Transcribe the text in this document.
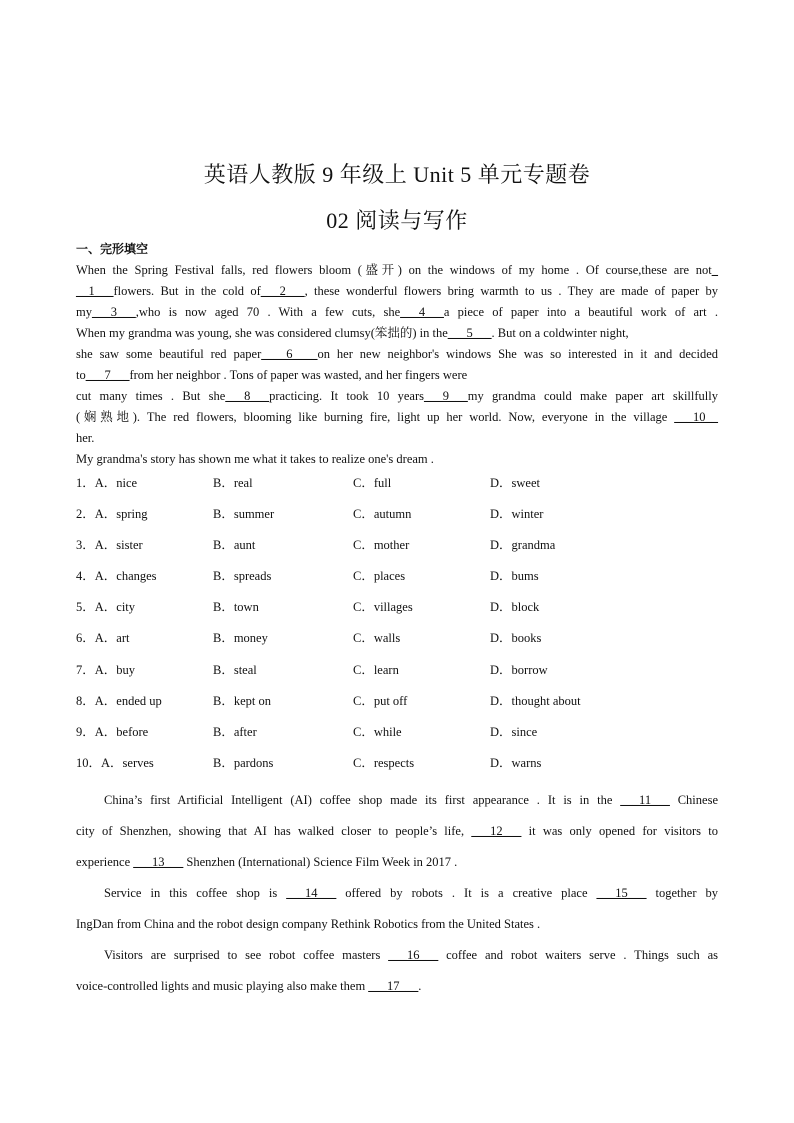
英语人教版 9 年级上 Unit 5 单元专题卷
02 阅读与写作
一、完形填空
When the Spring Festival falls, red flowers bloom (盛开) on the windows of my home . Of course,these are not_
__1___flowers. But in the cold of___2___, these wonderful flowers bring warmth to us . They are made of paper by
my___3___,who is now aged 70 . With a few cuts, she___4___a piece of paper into a beautiful work of art .
When my grandma was young, she was considered clumsy(笨拙的) in the___5___. But on a coldwinter night,
she saw some beautiful red paper____6____on her new neighbor's windows She was so interested in it and decided
to___7___from her neighbor . Tons of paper was wasted, and her fingers were
cut many times . But she___8___practicing. It took 10 years___9___my grandma could make paper art skillfully
(娴熟地). The red flowers, blooming like burning fire, light up her world. Now, everyone in the village ___10__
her.
My grandma's story has shown me what it takes to realize one's dream .
1．A．nice	B．real	C．full	D．sweet
2．A．spring	B．summer	C．autumn	D．winter
3．A．sister	B．aunt	C．mother	D．grandma
4．A．changes	B．spreads	C．places	D．bums
5．A．city	B．town	C．villages	D．block
6．A．art	B．money	C．walls	D．books
7．A．buy	B．steal	C．learn	D．borrow
8．A．ended up	B．kept on	C．put off	D．thought about
9．A．before	B．after	C．while	D．since
10．A．serves	B．pardons	C．respects	D．warns
China’s first Artificial Intelligent (AI) coffee shop made its first appearance . It is in the ___11___ Chinese
city of Shenzhen, showing that AI has walked closer to people’s life, ___12___ it was only opened for visitors to
experience ___13___ Shenzhen (International) Science Film Week in 2017 .
Service in this coffee shop is ___14___ offered by robots . It is a creative place ___15___ together by
IngDan from China and the robot design company Rethink Robotics from the United States .
Visitors are surprised to see robot coffee masters ___16___ coffee and robot waiters serve . Things such as
voice-controlled lights and music playing also make them ___17___.
